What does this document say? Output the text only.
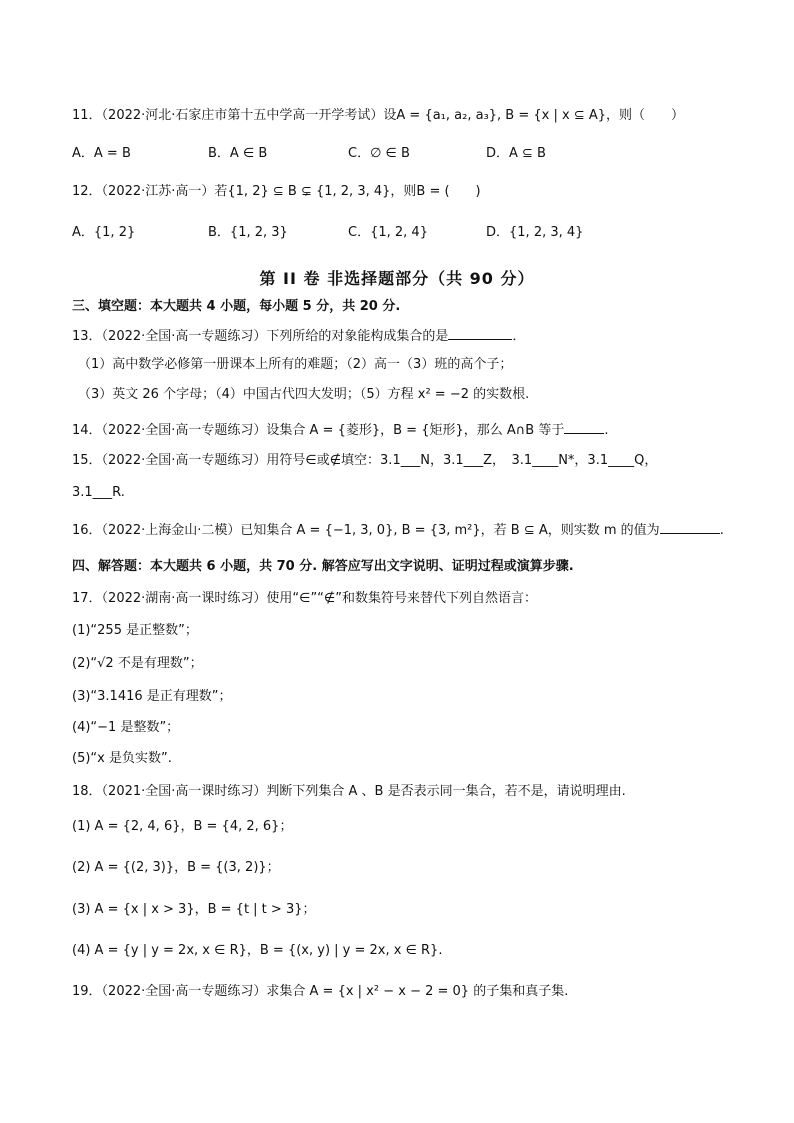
11．（2022·河北·石家庄市第十五中学高一开学考试）设A = {a₁, a₂, a₃}, B = {x | x ⊆ A}，则（　　）
A．A = B	B．A ∈ B	C．∅ ∈ B	D．A ⊆ B
12．（2022·江苏·高一）若{1, 2} ⊆ B ⊊ {1, 2, 3, 4}，则B = (　　)
A．{1, 2}	B．{1, 2, 3}	C．{1, 2, 4}	D．{1, 2, 3, 4}
第 II 卷 非选择题部分（共 90 分）
三、填空题：本大题共 4 小题，每小题 5 分，共 20 分.
13．（2022·全国·高一专题练习）下列所给的对象能构成集合的是	．
（1）高中数学必修第一册课本上所有的难题；（2）高一（3）班的高个子；
（3）英文 26 个字母；（4）中国古代四大发明；（5）方程 x² = −2 的实数根.
14．（2022·全国·高一专题练习）设集合 A = {菱形}，B = {矩形}，那么 A∩B 等于	.
15．（2022·全国·高一专题练习）用符号∈或∉填空：3.1___N，3.1___Z，　3.1____N*，3.1____Q，
3.1___R.
16．（2022·上海金山·二模）已知集合 A = {−1, 3, 0}, B = {3, m²}，若 B ⊆ A，则实数 m 的值为	.
四、解答题：本大题共 6 小题，共 70 分. 解答应写出文字说明、证明过程或演算步骤.
17．（2022·湖南·高一课时练习）使用“∈”“∉”和数集符号来替代下列自然语言：
(1)“255 是正整数”；
(2)“√2 不是有理数”；
(3)“3.1416 是正有理数”；
(4)“−1 是整数”；
(5)“x 是负实数”.
18．（2021·全国·高一课时练习）判断下列集合 A 、B 是否表示同一集合，若不是，请说明理由.
(1) A = {2, 4, 6}，B = {4, 2, 6}；
(2) A = {(2, 3)}，B = {(3, 2)}；
(3) A = {x | x > 3}，B = {t | t > 3}；
(4) A = {y | y = 2x, x ∈ R}，B = {(x, y) | y = 2x, x ∈ R}.
19．（2022·全国·高一专题练习）求集合 A = {x | x² − x − 2 = 0} 的子集和真子集.
